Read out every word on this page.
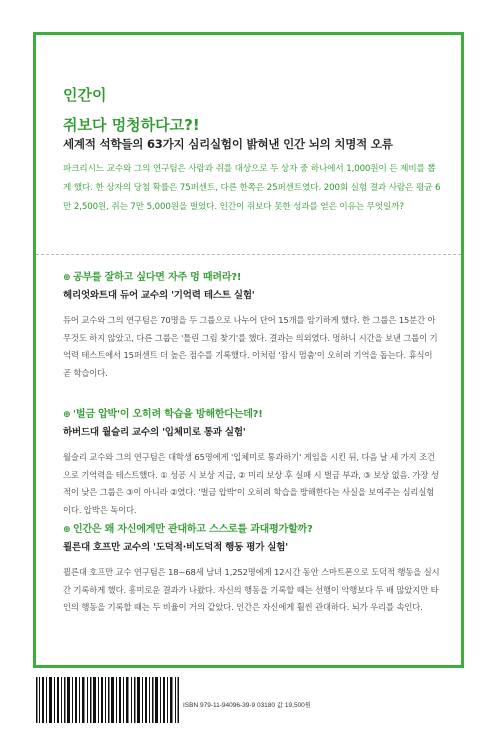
인간이
쥐보다 멍청하다고?!
세계적 석학들의 63가지 심리실험이 밝혀낸 인간 뇌의 치명적 오류
파크리시느 교수와 그의 연구팀은 사람과 쥐를 대상으로 두 상자 중 하나에서 1,000원이 든 제비를 뽑게 했다. 한 상자의 당첨 확률은 75퍼센트, 다른 한쪽은 25퍼센트였다. 200회 실험 결과 사람은 평균 6만 2,500원, 쥐는 7만 5,000원을 벌었다. 인간이 쥐보다 못한 성과를 얻은 이유는 무엇일까?
⊕ 공부를 잘하고 싶다면 자주 멍 때려라?!
헤리엇와트대 듀어 교수의 '기억력 테스트 실험'
듀어 교수와 그의 연구팀은 70명을 두 그룹으로 나누어 단어 15개를 암기하게 했다. 한 그룹은 15분간 아무것도 하지 않았고, 다른 그룹은 '틀린 그림 찾기'를 했다. 결과는 의외였다. 멍하니 시간을 보낸 그룹이 기억력 테스트에서 15퍼센트 더 높은 점수를 기록했다. 이처럼 '잠시 멈춤'이 오히려 기억을 돕는다. 휴식이 곧 학습이다.
⊕ '벌금 압박'이 오히려 학습을 방해한다는데?!
하버드대 월슬리 교수의 '입체미로 통과 실험'
월슬리 교수와 그의 연구팀은 대학생 65명에게 '입체미로 통과하기' 게임을 시킨 뒤, 다음 날 세 가지 조건으로 기억력을 테스트했다. ① 성공 시 보상 지급, ② 미리 보상 후 실패 시 벌금 부과, ③ 보상 없음. 가장 성적이 낮은 그룹은 ③이 아니라 ②였다. '벌금 압박'이 오히려 학습을 방해한다는 사실을 보여주는 심리실험이다. 압박은 독이다.
⊕ 인간은 왜 자신에게만 관대하고 스스로를 과대평가할까?
쾰른대 호프만 교수의 '도덕적·비도덕적 행동 평가 실험'
쾰른대 호프만 교수 연구팀은 18~68세 남녀 1,252명에게 12시간 동안 스마트폰으로 도덕적 행동을 실시간 기록하게 했다. 흥미로운 결과가 나왔다. 자신의 행동을 기록할 때는 선행이 악행보다 두 배 많았지만 타인의 행동을 기록할 때는 두 비율이 거의 같았다. 인간은 자신에게 훨씬 관대하다. 뇌가 우리를 속인다.
ISBN 979-11-94096-39-9 03180 값 19,500원
